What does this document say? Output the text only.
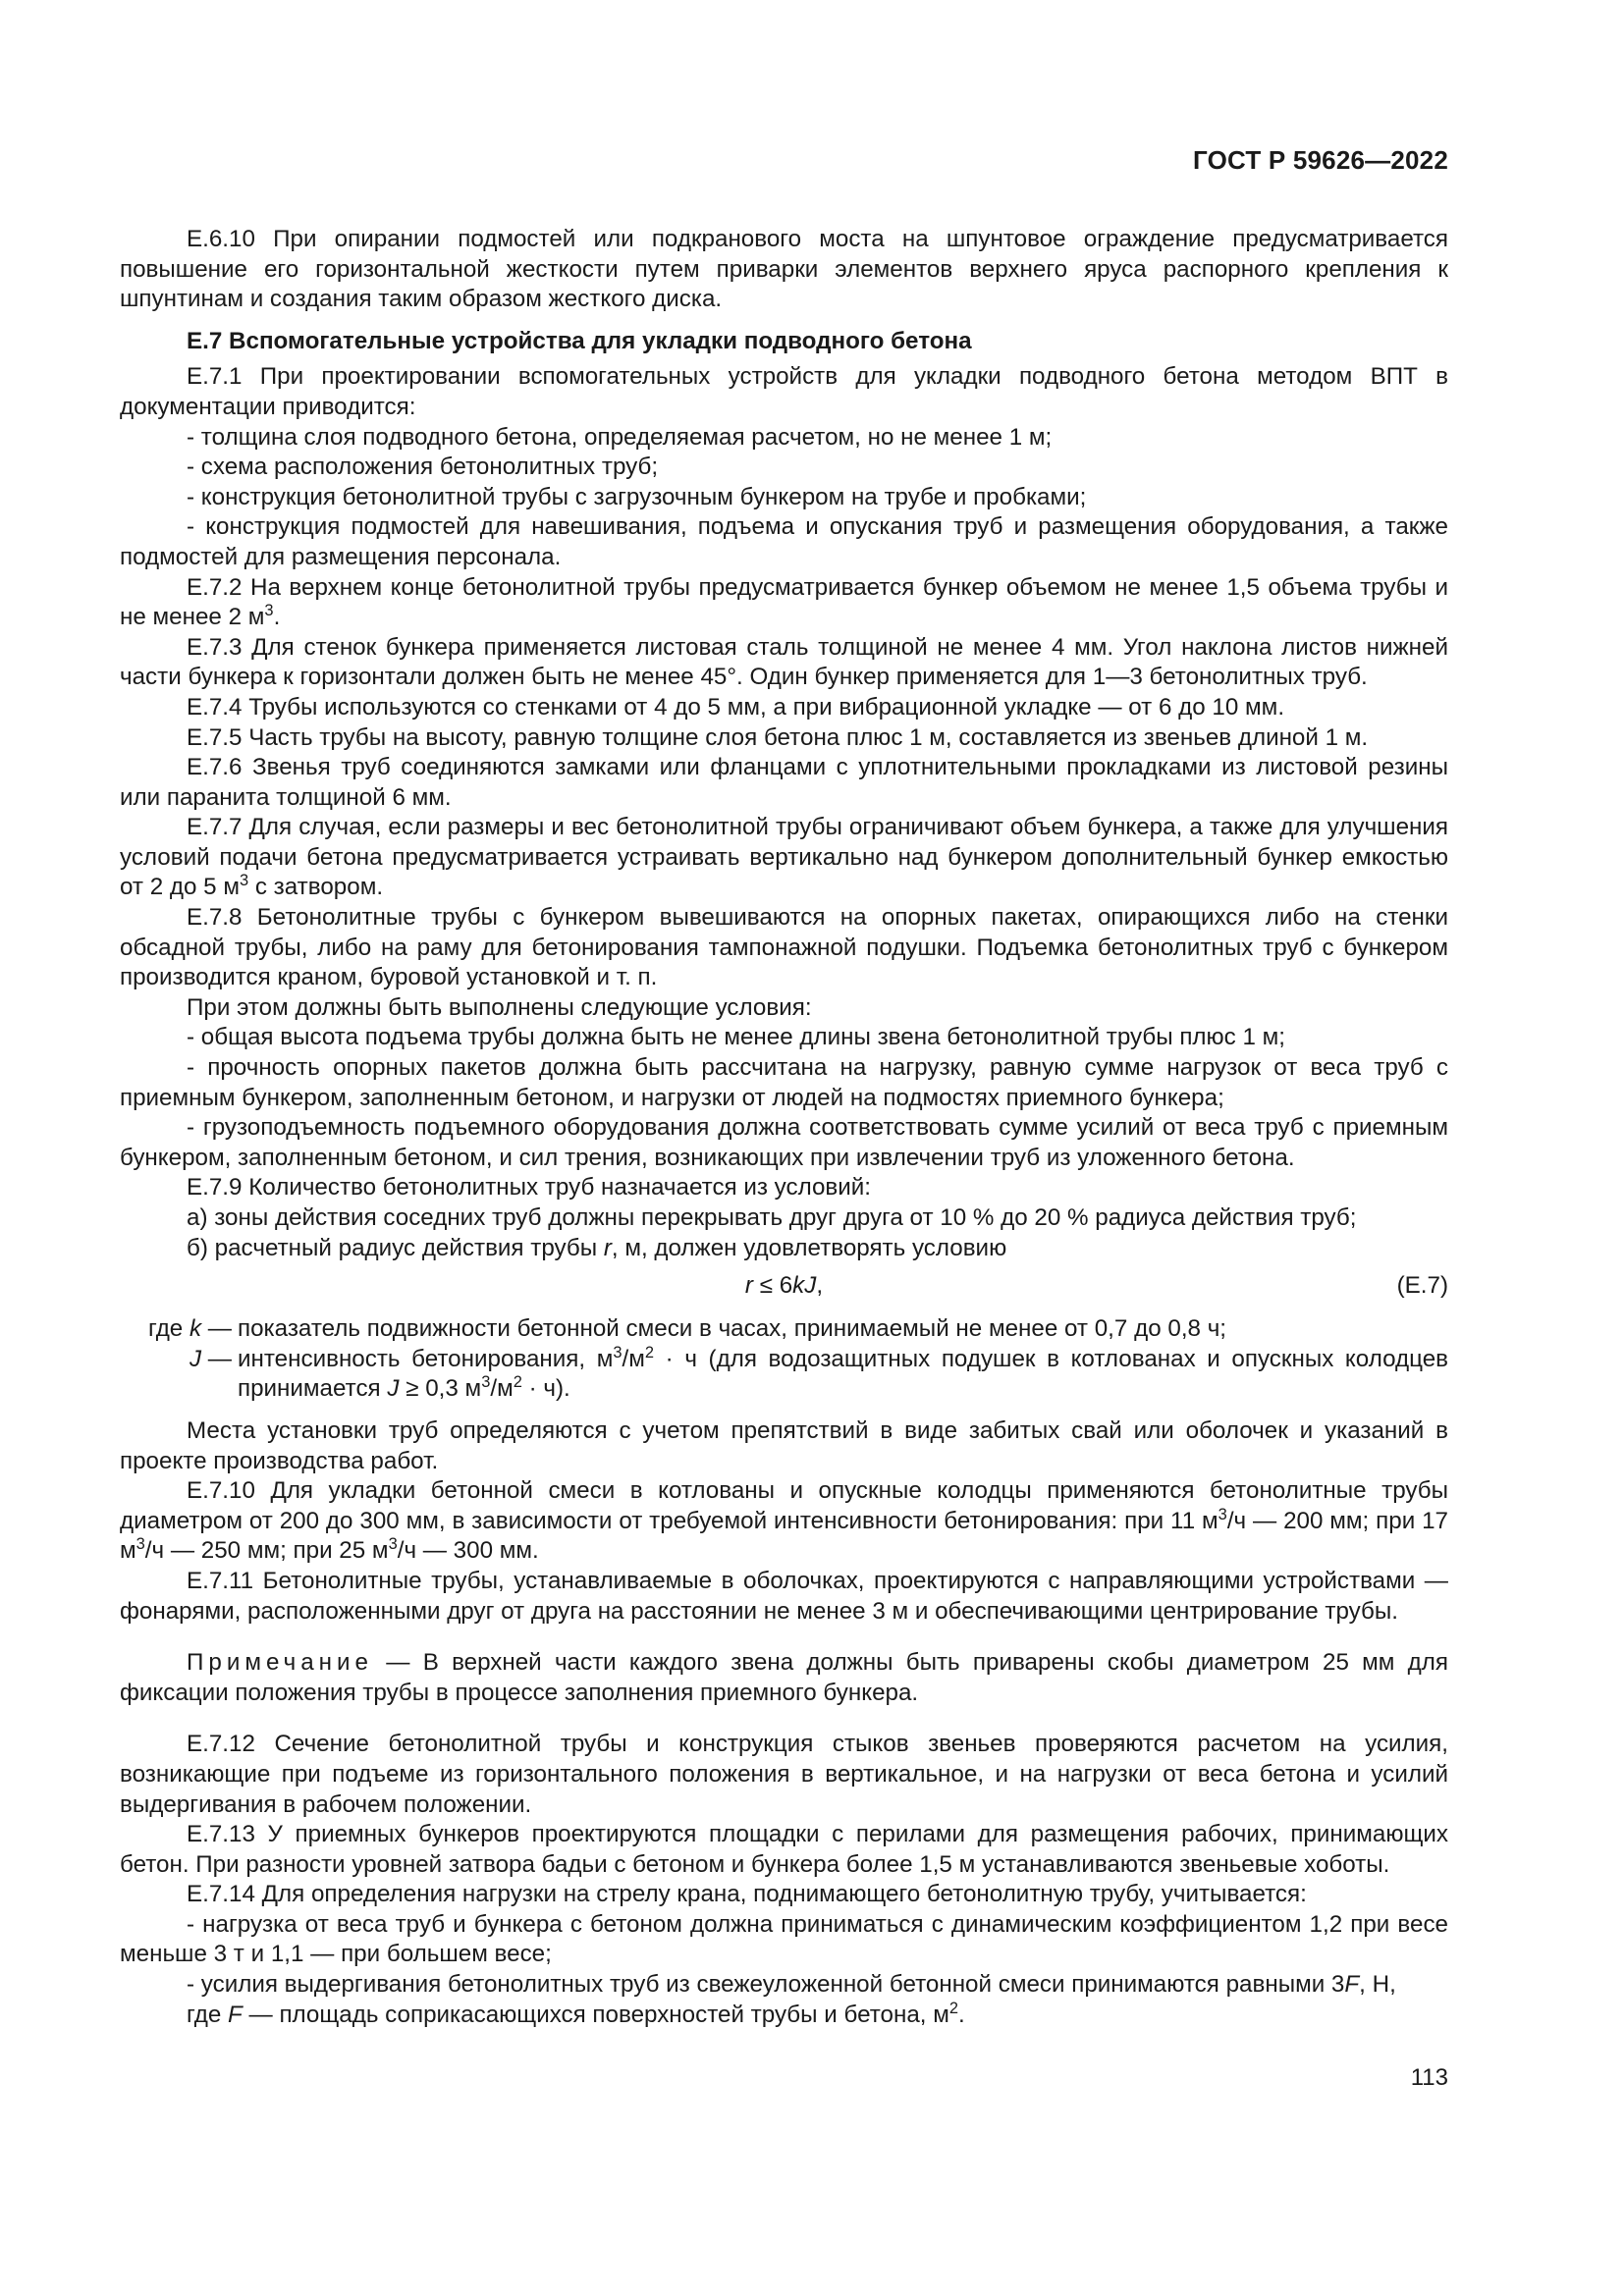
ГОСТ Р 59626—2022

Е.6.10 При опирании подмостей или подкранового моста на шпунтовое ограждение предусматривается повышение его горизонтальной жесткости путем приварки элементов верхнего яруса распорного крепления к шпунтинам и создания таким образом жесткого диска.

Е.7 Вспомогательные устройства для укладки подводного бетона

Е.7.1 При проектировании вспомогательных устройств для укладки подводного бетона методом ВПТ в документации приводится:

- толщина слоя подводного бетона, определяемая расчетом, но не менее 1 м;

- схема расположения бетонолитных труб;

- конструкция бетонолитной трубы с загрузочным бункером на трубе и пробками;

- конструкция подмостей для навешивания, подъема и опускания труб и размещения оборудования, а также подмостей для размещения персонала.

Е.7.2 На верхнем конце бетонолитной трубы предусматривается бункер объемом не менее 1,5 объема трубы и не менее 2 $м^3$.

Е.7.3 Для стенок бункера применяется листовая сталь толщиной не менее 4 мм. Угол наклона листов нижней части бункера к горизонтали должен быть не менее 45°. Один бункер применяется для 1—3 бетонолитных труб.

Е.7.4 Трубы используются со стенками от 4 до 5 мм, а при вибрационной укладке — от 6 до 10 мм.

Е.7.5 Часть трубы на высоту, равную толщине слоя бетона плюс 1 м, составляется из звеньев длиной 1 м.

Е.7.6 Звенья труб соединяются замками или фланцами с уплотнительными прокладками из листовой резины или паранита толщиной 6 мм.

Е.7.7 Для случая, если размеры и вес бетонолитной трубы ограничивают объем бункера, а также для улучшения условий подачи бетона предусматривается устраивать вертикально над бункером дополнительный бункер емкостью от 2 до 5 $м^3$ с затвором.

Е.7.8 Бетонолитные трубы с бункером вывешиваются на опорных пакетах, опирающихся либо на стенки обсадной трубы, либо на раму для бетонирования тампонажной подушки. Подъемка бетонолитных труб с бункером производится краном, буровой установкой и т. п.

При этом должны быть выполнены следующие условия:

- общая высота подъема трубы должна быть не менее длины звена бетонолитной трубы плюс 1 м;

- прочность опорных пакетов должна быть рассчитана на нагрузку, равную сумме нагрузок от веса труб с приемным бункером, заполненным бетоном, и нагрузки от людей на подмостях приемного бункера;

- грузоподъемность подъемного оборудования должна соответствовать сумме усилий от веса труб с приемным бункером, заполненным бетоном, и сил трения, возникающих при извлечении труб из уложенного бетона.

Е.7.9 Количество бетонолитных труб назначается из условий:

а) зоны действия соседних труб должны перекрывать друг друга от 10 % до 20 % радиуса действия труб;

б) расчетный радиус действия трубы r, м, должен удовлетворять условию

r ≤ 6kJ,	(Е.7)
где k — показатель подвижности бетонной смеси в часах, принимаемый не менее от 0,7 до 0,8 ч;
J — интенсивность бетонирования, $м^3/м^2 \cdot ч$ (для водозащитных подушек в котлованах и опускных колодцев принимается J ≥ 0,3 $м^3/м^2 \cdot ч$).

Места установки труб определяются с учетом препятствий в виде забитых свай или оболочек и указаний в проекте производства работ.

Е.7.10 Для укладки бетонной смеси в котлованы и опускные колодцы применяются бетонолитные трубы диаметром от 200 до 300 мм, в зависимости от требуемой интенсивности бетонирования: при 11 $м^3/ч$ — 200 мм; при 17 $м^3/ч$ — 250 мм; при 25 $м^3/ч$ — 300 мм.

Е.7.11 Бетонолитные трубы, устанавливаемые в оболочках, проектируются с направляющими устройствами — фонарями, расположенными друг от друга на расстоянии не менее 3 м и обеспечивающими центрирование трубы.

Примечание — В верхней части каждого звена должны быть приварены скобы диаметром 25 мм для фиксации положения трубы в процессе заполнения приемного бункера.

Е.7.12 Сечение бетонолитной трубы и конструкция стыков звеньев проверяются расчетом на усилия, возникающие при подъеме из горизонтального положения в вертикальное, и на нагрузки от веса бетона и усилий выдергивания в рабочем положении.

Е.7.13 У приемных бункеров проектируются площадки с перилами для размещения рабочих, принимающих бетон. При разности уровней затвора бадьи с бетоном и бункера более 1,5 м устанавливаются звеньевые хоботы.

Е.7.14 Для определения нагрузки на стрелу крана, поднимающего бетонолитную трубу, учитывается:

- нагрузка от веса труб и бункера с бетоном должна приниматься с динамическим коэффициентом 1,2 при весе меньше 3 т и 1,1 — при большем весе;

- усилия выдергивания бетонолитных труб из свежеуложенной бетонной смеси принимаются равными 3F, Н,

где F — площадь соприкасающихся поверхностей трубы и бетона, $м^2$.

113
